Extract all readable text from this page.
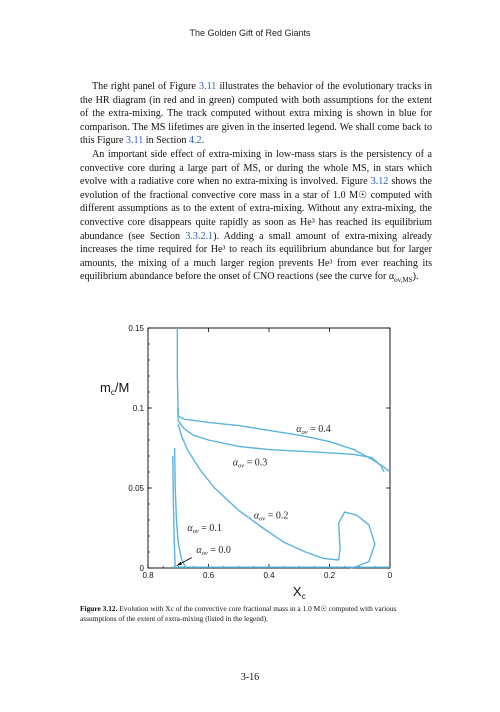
The Golden Gift of Red Giants

The right panel of Figure 3.11 illustrates the behavior of the evolutionary tracks in the HR diagram (in red and in green) computed with both assumptions for the extent of the extra-mixing. The track computed without extra mixing is shown in blue for comparison. The MS lifetimes are given in the inserted legend. We shall come back to this Figure 3.11 in Section 4.2.

An important side effect of extra-mixing in low-mass stars is the persistency of a convective core during a large part of MS, or during the whole MS, in stars which evolve with a radiative core when no extra-mixing is involved. Figure 3.12 shows the evolution of the fractional convective core mass in a star of 1.0 M☉ computed with different assumptions as to the extent of extra-mixing. Without any extra-mixing, the convective core disappears quite rapidly as soon as He³ has reached its equilibrium abundance (see Section 3.3.2.1). Adding a small amount of extra-mixing already increases the time required for He³ to reach its equilibrium abundance but for larger amounts, the mixing of a much larger region prevents He³ from ever reaching its equilibrium abundance before the onset of CNO reactions (see the curve for $\alpha_{ov,MS}$).

0.8	0.6	0.4	0.2	0
0
0.05
0.1
0.15
$m_c/M$
$X_c$
$\alpha_{ov} = 0.4$
$\alpha_{ov} = 0.3$
$\alpha_{ov} = 0.2$
$\alpha_{ov} = 0.1$
$\alpha_{ov} = 0.0$
Figure 3.12. Evolution with Xc of the convective core fractional mass in a 1.0 M☉ computed with various assumptions of the extent of extra-mixing (listed in the legend).
3-16
